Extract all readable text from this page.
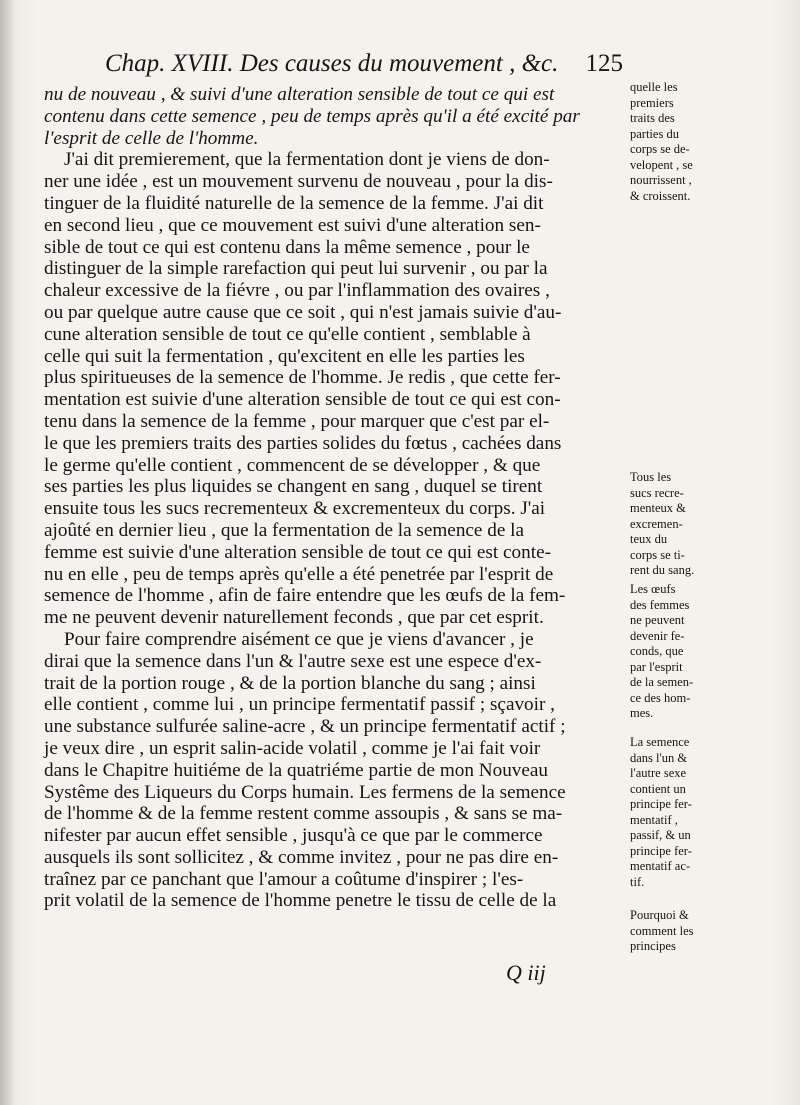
Chap. XVIII. Des causes du mouvement , &c. 125
nu de nouveau , & suivi d'une alteration sensible de tout ce qui est
contenu dans cette semence , peu de temps après qu'il a été excité par
l'esprit de celle de l'homme.
J'ai dit premierement, que la fermentation dont je viens de don-
ner une idée , est un mouvement survenu de nouveau , pour la dis-
tinguer de la fluidité naturelle de la semence de la femme. J'ai dit
en second lieu , que ce mouvement est suivi d'une alteration sen-
sible de tout ce qui est contenu dans la même semence , pour le
distinguer de la simple rarefaction qui peut lui survenir , ou par la
chaleur excessive de la fiévre , ou par l'inflammation des ovaires ,
ou par quelque autre cause que ce soit , qui n'est jamais suivie d'au-
cune alteration sensible de tout ce qu'elle contient , semblable à
celle qui suit la fermentation , qu'excitent en elle les parties les
plus spiritueuses de la semence de l'homme. Je redis , que cette fer-
mentation est suivie d'une alteration sensible de tout ce qui est con-
tenu dans la semence de la femme , pour marquer que c'est par el-
le que les premiers traits des parties solides du fœtus , cachées dans
le germe qu'elle contient , commencent de se développer , & que
ses parties les plus liquides se changent en sang , duquel se tirent
ensuite tous les sucs recrementeux & excrementeux du corps. J'ai
ajoûté en dernier lieu , que la fermentation de la semence de la
femme est suivie d'une alteration sensible de tout ce qui est conte-
nu en elle , peu de temps après qu'elle a été penetrée par l'esprit de
semence de l'homme , afin de faire entendre que les œufs de la fem-
me ne peuvent devenir naturellement feconds , que par cet esprit.
Pour faire comprendre aisément ce que je viens d'avancer , je
dirai que la semence dans l'un & l'autre sexe est une espece d'ex-
trait de la portion rouge , & de la portion blanche du sang ; ainsi
elle contient , comme lui , un principe fermentatif passif ; sçavoir ,
une substance sulfurée saline-acre , & un principe fermentatif actif ;
je veux dire , un esprit salin-acide volatil , comme je l'ai fait voir
dans le Chapitre huitiéme de la quatriéme partie de mon Nouveau
Systême des Liqueurs du Corps humain. Les fermens de la semence
de l'homme & de la femme restent comme assoupis , & sans se ma-
nifester par aucun effet sensible , jusqu'à ce que par le commerce
ausquels ils sont sollicitez , & comme invitez , pour ne pas dire en-
traînez par ce panchant que l'amour a coûtume d'inspirer ; l'es-
prit volatil de la semence de l'homme penetre le tissu de celle de la
quelle les
premiers
traits des
parties du
corps se de-
velopent , se
nourrissent ,
& croissent.
Tous les
sucs recre-
menteux &
excremen-
teux du
corps se ti-
rent du sang.
Les œufs
des femmes
ne peuvent
devenir fe-
conds, que
par l'esprit
de la semen-
ce des hom-
mes.
La semence
dans l'un &
l'autre sexe
contient un
principe fer-
mentatif ,
passif, & un
principe fer-
mentatif ac-
tif.
Pourquoi &
comment les
principes
Q iij
